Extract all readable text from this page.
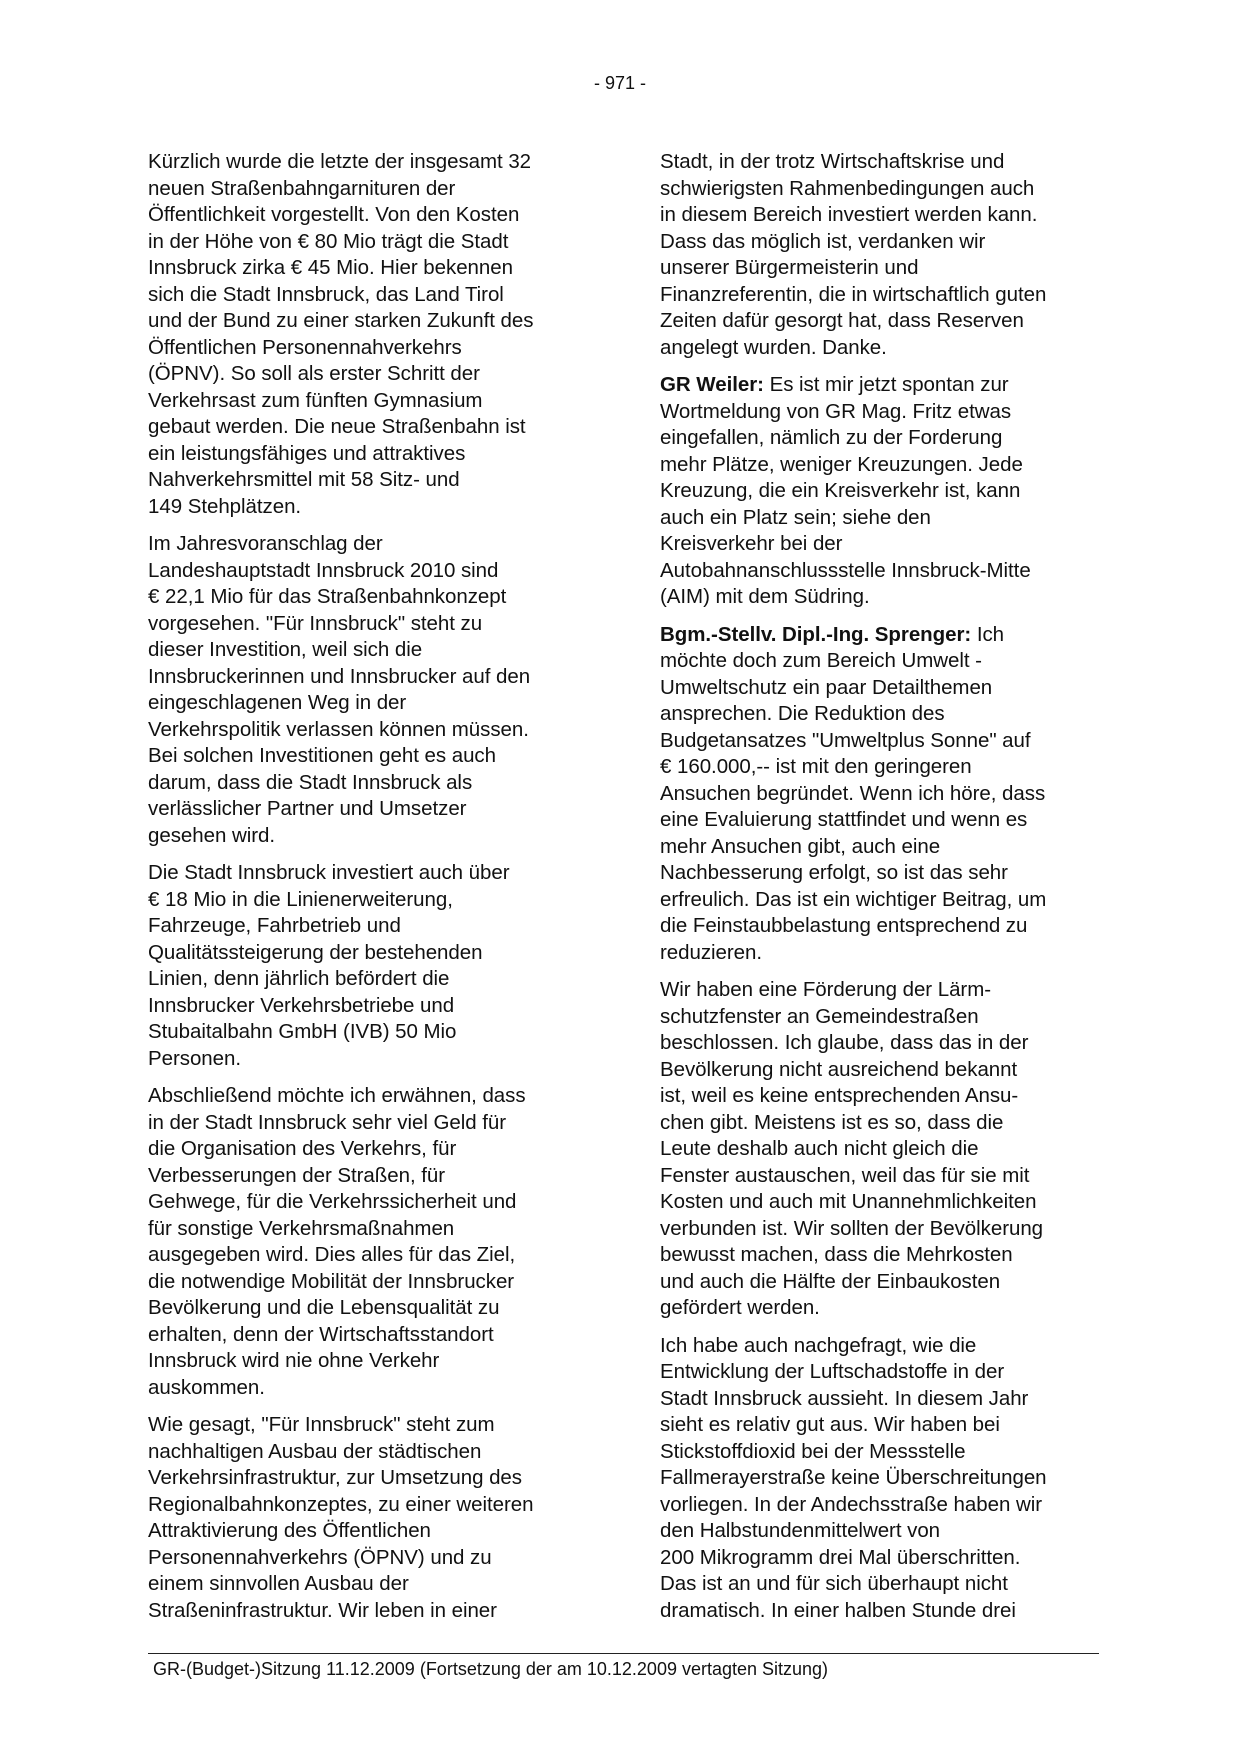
- 971 -

Kürzlich wurde die letzte der insgesamt 32
neuen Straßenbahngarnituren der
Öffentlichkeit vorgestellt. Von den Kosten
in der Höhe von € 80 Mio trägt die Stadt
Innsbruck zirka € 45 Mio. Hier bekennen
sich die Stadt Innsbruck, das Land Tirol
und der Bund zu einer starken Zukunft des
Öffentlichen Personennahverkehrs
(ÖPNV). So soll als erster Schritt der
Verkehrsast zum fünften Gymnasium
gebaut werden. Die neue Straßenbahn ist
ein leistungsfähiges und attraktives
Nahverkehrsmittel mit 58 Sitz- und
149 Stehplätzen.

Im Jahresvoranschlag der
Landeshauptstadt Innsbruck 2010 sind
€ 22,1 Mio für das Straßenbahnkonzept
vorgesehen. "Für Innsbruck" steht zu
dieser Investition, weil sich die
Innsbruckerinnen und Innsbrucker auf den
eingeschlagenen Weg in der
Verkehrspolitik verlassen können müssen.
Bei solchen Investitionen geht es auch
darum, dass die Stadt Innsbruck als
verlässlicher Partner und Umsetzer
gesehen wird.

Die Stadt Innsbruck investiert auch über
€ 18 Mio in die Linienerweiterung,
Fahrzeuge, Fahrbetrieb und
Qualitätssteigerung der bestehenden
Linien, denn jährlich befördert die
Innsbrucker Verkehrsbetriebe und
Stubaitalbahn GmbH (IVB) 50 Mio
Personen.

Abschließend möchte ich erwähnen, dass
in der Stadt Innsbruck sehr viel Geld für
die Organisation des Verkehrs, für
Verbesserungen der Straßen, für
Gehwege, für die Verkehrssicherheit und
für sonstige Verkehrsmaßnahmen
ausgegeben wird. Dies alles für das Ziel,
die notwendige Mobilität der Innsbrucker
Bevölkerung und die Lebensqualität zu
erhalten, denn der Wirtschaftsstandort
Innsbruck wird nie ohne Verkehr
auskommen.

Wie gesagt, "Für Innsbruck" steht zum
nachhaltigen Ausbau der städtischen
Verkehrsinfrastruktur, zur Umsetzung des
Regionalbahnkonzeptes, zu einer weiteren
Attraktivierung des Öffentlichen
Personennahverkehrs (ÖPNV) und zu
einem sinnvollen Ausbau der
Straßeninfrastruktur. Wir leben in einer

Stadt, in der trotz Wirtschaftskrise und
schwierigsten Rahmenbedingungen auch
in diesem Bereich investiert werden kann.
Dass das möglich ist, verdanken wir
unserer Bürgermeisterin und
Finanzreferentin, die in wirtschaftlich guten
Zeiten dafür gesorgt hat, dass Reserven
angelegt wurden. Danke.

GR Weiler: Es ist mir jetzt spontan zur
Wortmeldung von GR Mag. Fritz etwas
eingefallen, nämlich zu der Forderung
mehr Plätze, weniger Kreuzungen. Jede
Kreuzung, die ein Kreisverkehr ist, kann
auch ein Platz sein; siehe den
Kreisverkehr bei der
Autobahnanschlussstelle Innsbruck-Mitte
(AIM) mit dem Südring.

Bgm.-Stellv. Dipl.-Ing. Sprenger: Ich
möchte doch zum Bereich Umwelt -
Umweltschutz ein paar Detailthemen
ansprechen. Die Reduktion des
Budgetansatzes "Umweltplus Sonne" auf
€ 160.000,-- ist mit den geringeren
Ansuchen begründet. Wenn ich höre, dass
eine Evaluierung stattfindet und wenn es
mehr Ansuchen gibt, auch eine
Nachbesserung erfolgt, so ist das sehr
erfreulich. Das ist ein wichtiger Beitrag, um
die Feinstaubbelastung entsprechend zu
reduzieren.

Wir haben eine Förderung der Lärm-
schutzfenster an Gemeindestraßen
beschlossen. Ich glaube, dass das in der
Bevölkerung nicht ausreichend bekannt
ist, weil es keine entsprechenden Ansu-
chen gibt. Meistens ist es so, dass die
Leute deshalb auch nicht gleich die
Fenster austauschen, weil das für sie mit
Kosten und auch mit Unannehmlichkeiten
verbunden ist. Wir sollten der Bevölkerung
bewusst machen, dass die Mehrkosten
und auch die Hälfte der Einbaukosten
gefördert werden.

Ich habe auch nachgefragt, wie die
Entwicklung der Luftschadstoffe in der
Stadt Innsbruck aussieht. In diesem Jahr
sieht es relativ gut aus. Wir haben bei
Stickstoffdioxid bei der Messstelle
Fallmerayerstraße keine Überschreitungen
vorliegen. In der Andechsstraße haben wir
den Halbstundenmittelwert von
200 Mikrogramm drei Mal überschritten.
Das ist an und für sich überhaupt nicht
dramatisch. In einer halben Stunde drei

GR-(Budget-)Sitzung 11.12.2009 (Fortsetzung der am 10.12.2009 vertagten Sitzung)
